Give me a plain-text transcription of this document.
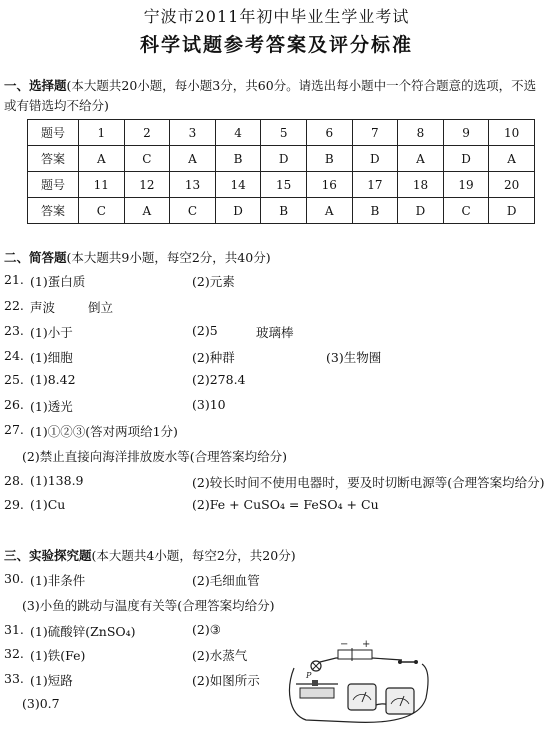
宁波市2011年初中毕业生学业考试
科学试题参考答案及评分标准
一、选择题(本大题共20小题，每小题3分，共60分。请选出每小题中一个符合题意的选项，不选
或有错选均不给分)
题号	1	2	3	4	5	6	7	8	9	10
答案	A	C	A	B	D	B	D	A	D	A
题号	11	12	13	14	15	16	17	18	19	20
答案	C	A	C	D	B	A	B	D	C	D
二、简答题(本大题共9小题，每空2分，共40分)
21. (1)蛋白质	(2)元素
22. 声波	倒立
23. (1)小于	(2)5	玻璃棒
24. (1)细胞	(2)种群	(3)生物圈
25. (1)8.42	(2)278.4
26. (1)透光	(3)10
27. (1)①②③(答对两项给1分)
(2)禁止直接向海洋排放废水等(合理答案均给分)
28. (1)138.9	(2)较长时间不使用电器时，要及时切断电源等(合理答案均给分)
29. (1)Cu	(2)Fe + CuSO₄ = FeSO₄ + Cu
三、实验探究题(本大题共4小题，每空2分，共20分)
30. (1)非条件	(2)毛细血管
(3)小鱼的跳动与温度有关等(合理答案均给分)
31. (1)硫酸锌(ZnSO₄)	(2)③
32. (1)铁(Fe)	(2)水蒸气
33. (1)短路	(2)如图所示
(3)0.7
− +
P
